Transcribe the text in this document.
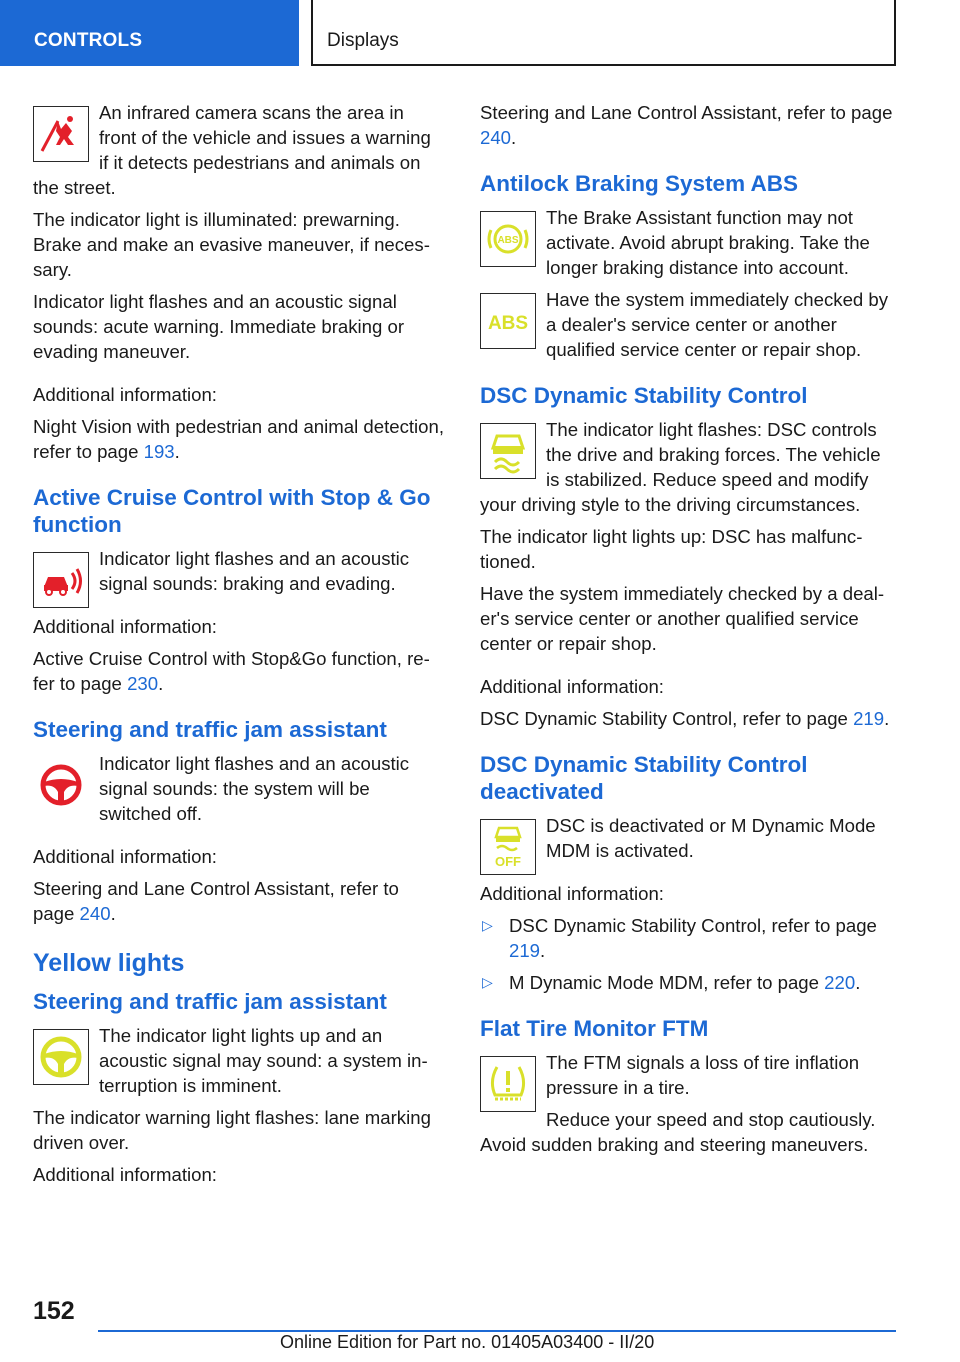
CONTROLS	Displays

An infrared camera scans the area in front of the vehicle and issues a warning if it detects pedestrians and animals on the street.

The indicator light is illuminated: prewarning. Brake and make an evasive maneuver, if necessary.

Indicator light flashes and an acoustic signal sounds: acute warning. Immediate braking or evading maneuver.

Additional information:

Night Vision with pedestrian and animal detection, refer to page 193.

Active Cruise Control with Stop & Go function

Indicator light flashes and an acoustic signal sounds: braking and evading.

Additional information:

Active Cruise Control with Stop&Go function, refer to page 230.

Steering and traffic jam assistant

Indicator light flashes and an acoustic signal sounds: the system will be switched off.

Additional information:

Steering and Lane Control Assistant, refer to page 240.

Yellow lights
Steering and traffic jam assistant

The indicator light lights up and an acoustic signal may sound: a system interruption is imminent.

The indicator warning light flashes: lane marking driven over.

Additional information:

Steering and Lane Control Assistant, refer to page 240.

Antilock Braking System ABS
ABS

The Brake Assistant function may not activate. Avoid abrupt braking. Take the longer braking distance into account.

ABS

Have the system immediately checked by a dealer's service center or another qualified service center or repair shop.

DSC Dynamic Stability Control

The indicator light flashes: DSC controls the drive and braking forces. The vehicle is stabilized. Reduce speed and modify your driving style to the driving circumstances.

The indicator light lights up: DSC has malfunctioned.

Have the system immediately checked by a dealer's service center or another qualified service center or repair shop.

Additional information:

DSC Dynamic Stability Control, refer to page 219.

DSC Dynamic Stability Control deactivated
OFF

DSC is deactivated or M Dynamic Mode MDM is activated.

Additional information:

▷ DSC Dynamic Stability Control, refer to page 219.
▷ M Dynamic Mode MDM, refer to page 220.
Flat Tire Monitor FTM

The FTM signals a loss of tire inflation pressure in a tire.

Reduce your speed and stop cautiously. Avoid sudden braking and steering maneuvers.

152
Online Edition for Part no. 01405A03400 - II/20
